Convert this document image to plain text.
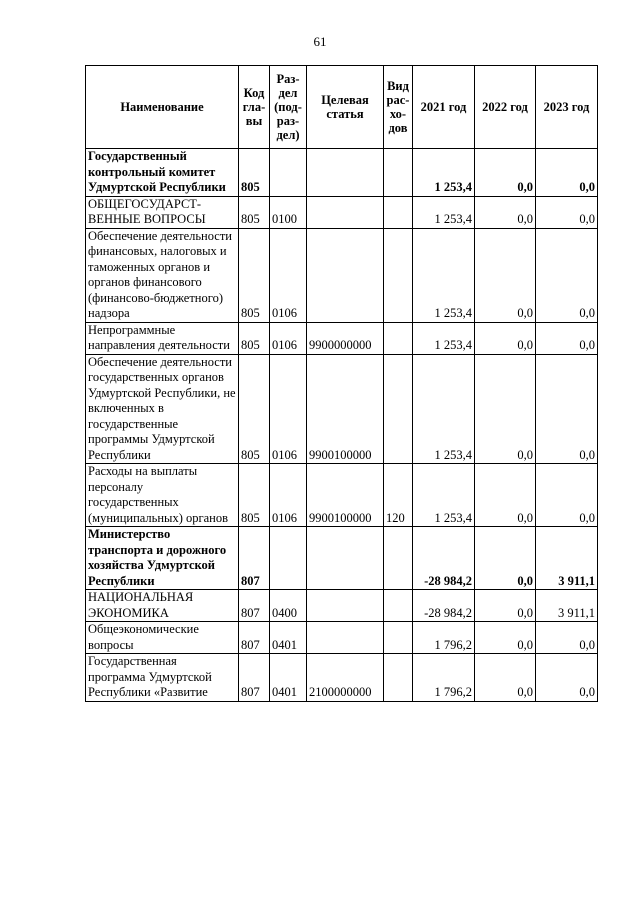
61
Наименование	Код гла-вы	Раз-дел (под-раз-дел)	Целевая статья	Вид рас-хо-дов	2021 год	2022 год	2023 год
Государственный контрольный комитет Удмуртской Республики	805				1 253,4	0,0	0,0
ОБЩЕГОСУДАРСТ-ВЕННЫЕ ВОПРОСЫ	805	0100			1 253,4	0,0	0,0
Обеспечение деятельности финансовых, налоговых и таможенных органов и органов финансового (финансово-бюджетного) надзора	805	0106			1 253,4	0,0	0,0
Непрограммные направления деятельности	805	0106	9900000000		1 253,4	0,0	0,0
Обеспечение деятельности государственных органов Удмуртской Республики, не включенных в государственные программы Удмуртской Республики	805	0106	9900100000		1 253,4	0,0	0,0
Расходы на выплаты персоналу государственных (муниципальных) органов	805	0106	9900100000	120	1 253,4	0,0	0,0
Министерство транспорта и дорожного хозяйства Удмуртской Республики	807				-28 984,2	0,0	3 911,1
НАЦИОНАЛЬНАЯ ЭКОНОМИКА	807	0400			-28 984,2	0,0	3 911,1
Общеэкономические вопросы	807	0401			1 796,2	0,0	0,0
Государственная программа Удмуртской Республики «Развитие	807	0401	2100000000		1 796,2	0,0	0,0
